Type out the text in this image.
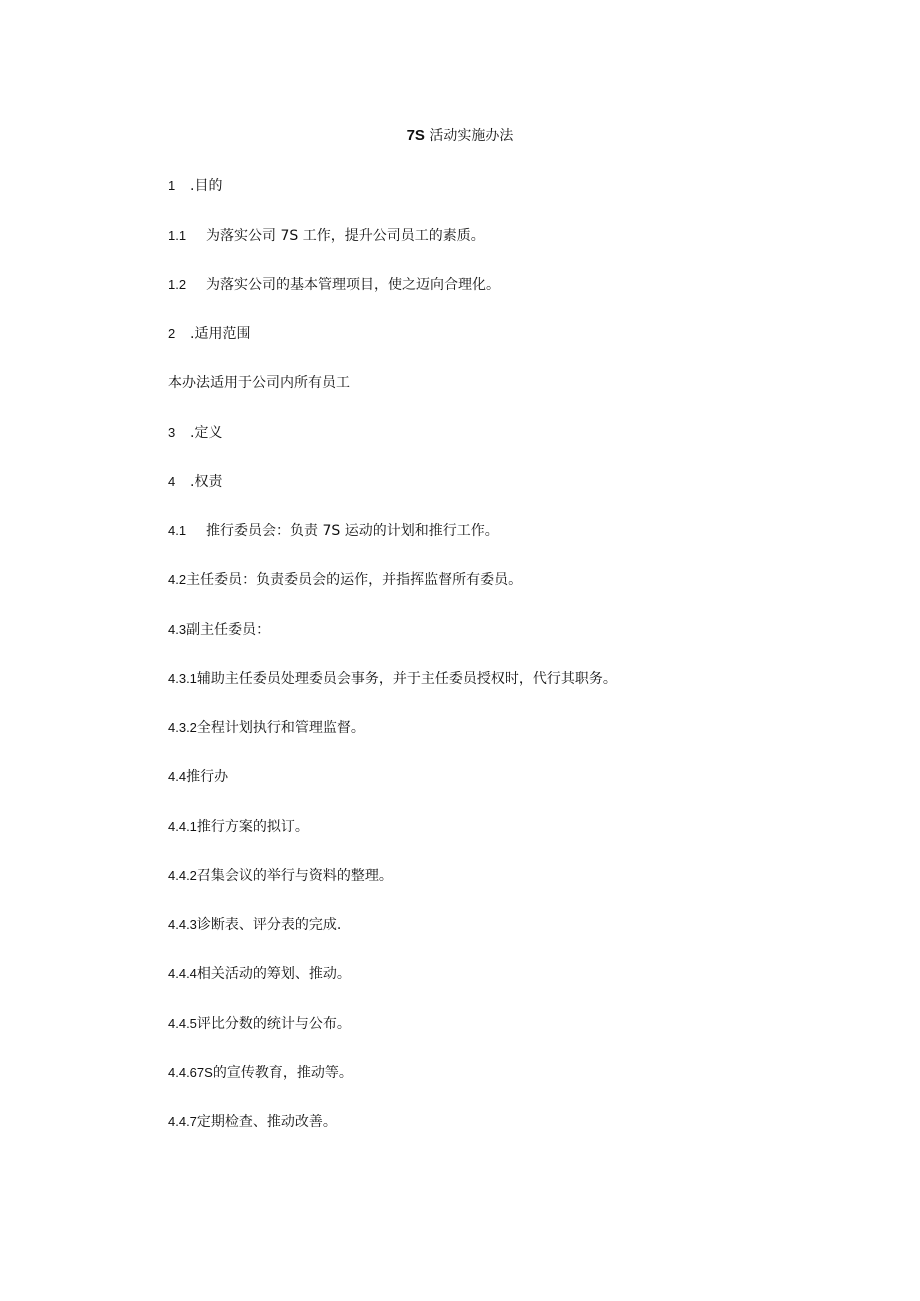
7S 活动实施办法
1 .目的
1.1 为落实公司 7S 工作，提升公司员工的素质。
1.2 为落实公司的基本管理项目，使之迈向合理化。
2 .适用范围
本办法适用于公司内所有员工
3 .定义
4 .权责
4.1 推行委员会：负责 7S 运动的计划和推行工作。
4.2主任委员：负责委员会的运作，并指挥监督所有委员。
4.3副主任委员：
4.3.1辅助主任委员处理委员会事务，并于主任委员授权时，代行其职务。
4.3.2全程计划执行和管理监督。
4.4推行办
4.4.1推行方案的拟订。
4.4.2召集会议的举行与资料的整理。
4.4.3诊断表、评分表的完成.
4.4.4相关活动的筹划、推动。
4.4.5评比分数的统计与公布。
4.4.67S的宣传教育，推动等。
4.4.7定期检查、推动改善。
